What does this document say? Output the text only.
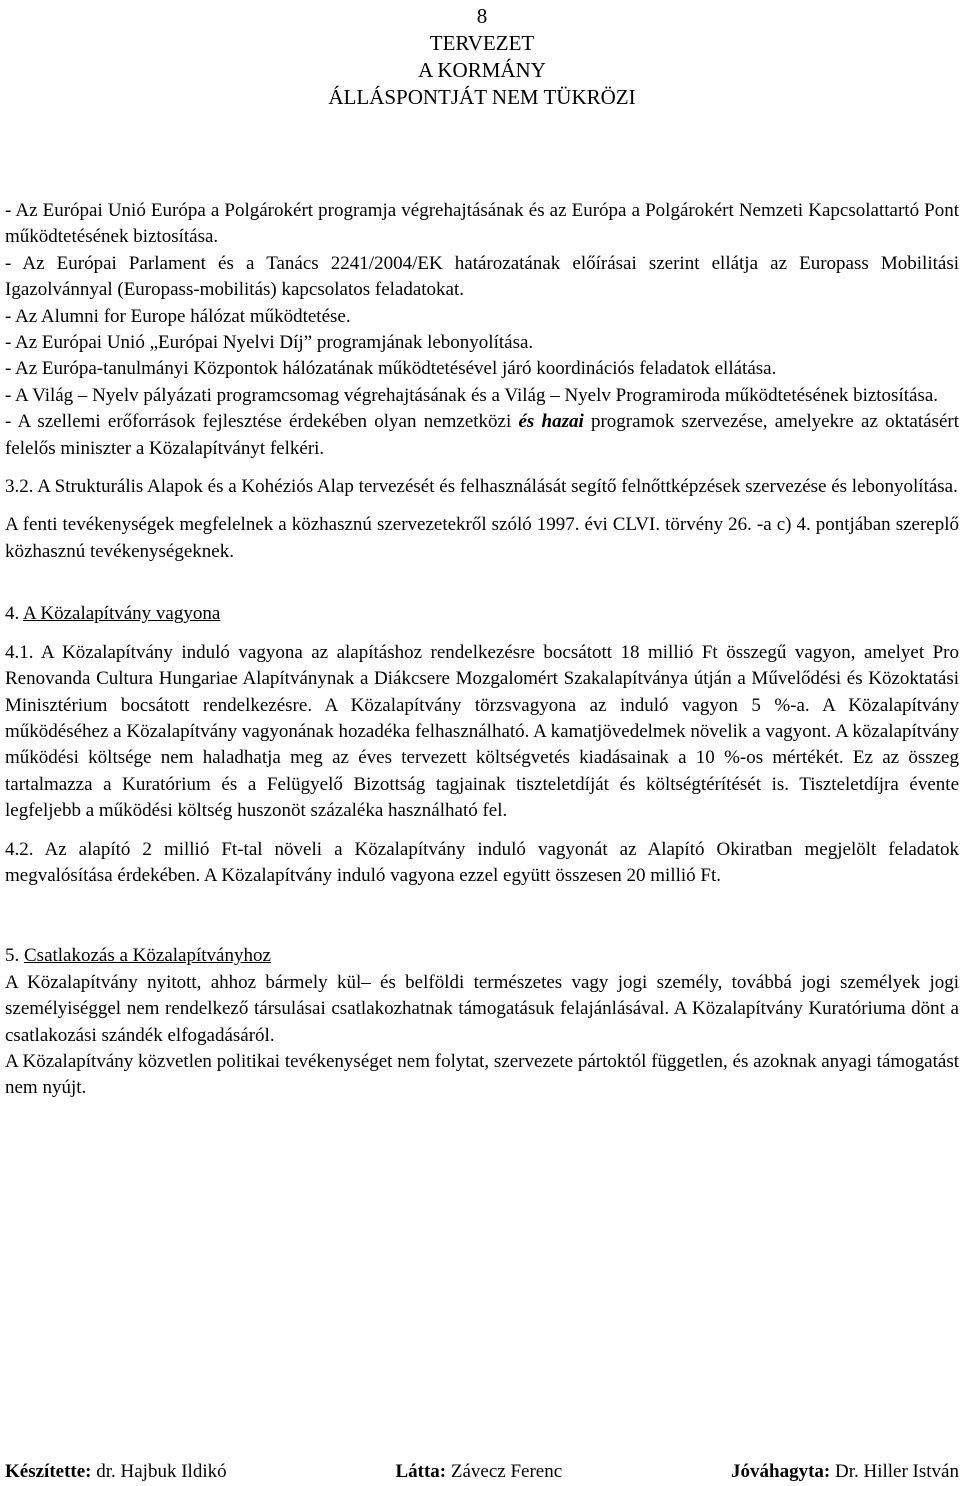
8
TERVEZET
A KORMÁNY
ÁLLÁSPONTJÁT NEM TÜKRÖZI

- Az Európai Unió Európa a Polgárokért programja végrehajtásának és az Európa a Polgárokért Nemzeti Kapcsolattartó Pont működtetésének biztosítása.

- Az Európai Parlament és a Tanács 2241/2004/EK határozatának előírásai szerint ellátja az Europass Mobilitási Igazolvánnyal (Europass-mobilitás) kapcsolatos feladatokat.

- Az Alumni for Europe hálózat működtetése.

- Az Európai Unió „Európai Nyelvi Díj” programjának lebonyolítása.

- Az Európa-tanulmányi Központok hálózatának működtetésével járó koordinációs feladatok ellátása.

- A Világ – Nyelv pályázati programcsomag végrehajtásának és a Világ – Nyelv Programiroda működtetésének biztosítása.

- A szellemi erőforrások fejlesztése érdekében olyan nemzetközi és hazai programok szervezése, amelyekre az oktatásért felelős miniszter a Közalapítványt felkéri.

3.2. A Strukturális Alapok és a Kohéziós Alap tervezését és felhasználását segítő felnőttképzések szervezése és lebonyolítása.

A fenti tevékenységek megfelelnek a közhasznú szervezetekről szóló 1997. évi CLVI. törvény 26. -a c) 4. pontjában szereplő közhasznú tevékenységeknek.

4. A Közalapítvány vagyona

4.1. A Közalapítvány induló vagyona az alapításhoz rendelkezésre bocsátott 18 millió Ft összegű vagyon, amelyet Pro Renovanda Cultura Hungariae Alapítványnak a Diákcsere Mozgalomért Szakalapítványa útján a Művelődési és Közoktatási Minisztérium bocsátott rendelkezésre. A Közalapítvány törzsvagyona az induló vagyon 5 %-a. A Közalapítvány működéséhez a Közalapítvány vagyonának hozadéka felhasználható. A kamatjövedelmek növelik a vagyont. A közalapítvány működési költsége nem haladhatja meg az éves tervezett költségvetés kiadásainak a 10 %-os mértékét. Ez az összeg tartalmazza a Kuratórium és a Felügyelő Bizottság tagjainak tiszteletdíját és költségtérítését is. Tiszteletdíjra évente legfeljebb a működési költség huszonöt százaléka használható fel.

4.2. Az alapító 2 millió Ft-tal növeli a Közalapítvány induló vagyonát az Alapító Okiratban megjelölt feladatok megvalósítása érdekében. A Közalapítvány induló vagyona ezzel együtt összesen 20 millió Ft.

5. Csatlakozás a Közalapítványhoz

A Közalapítvány nyitott, ahhoz bármely kül– és belföldi természetes vagy jogi személy, továbbá jogi személyek jogi személyiséggel nem rendelkező társulásai csatlakozhatnak támogatásuk felajánlásával. A Közalapítvány Kuratóriuma dönt a csatlakozási szándék elfogadásáról.

A Közalapítvány közvetlen politikai tevékenységet nem folytat, szervezete pártoktól független, és azoknak anyagi támogatást nem nyújt.

Készítette: dr. Hajbuk Ildikó	Látta: Závecz Ferenc	Jóváhagyta: Dr. Hiller István
